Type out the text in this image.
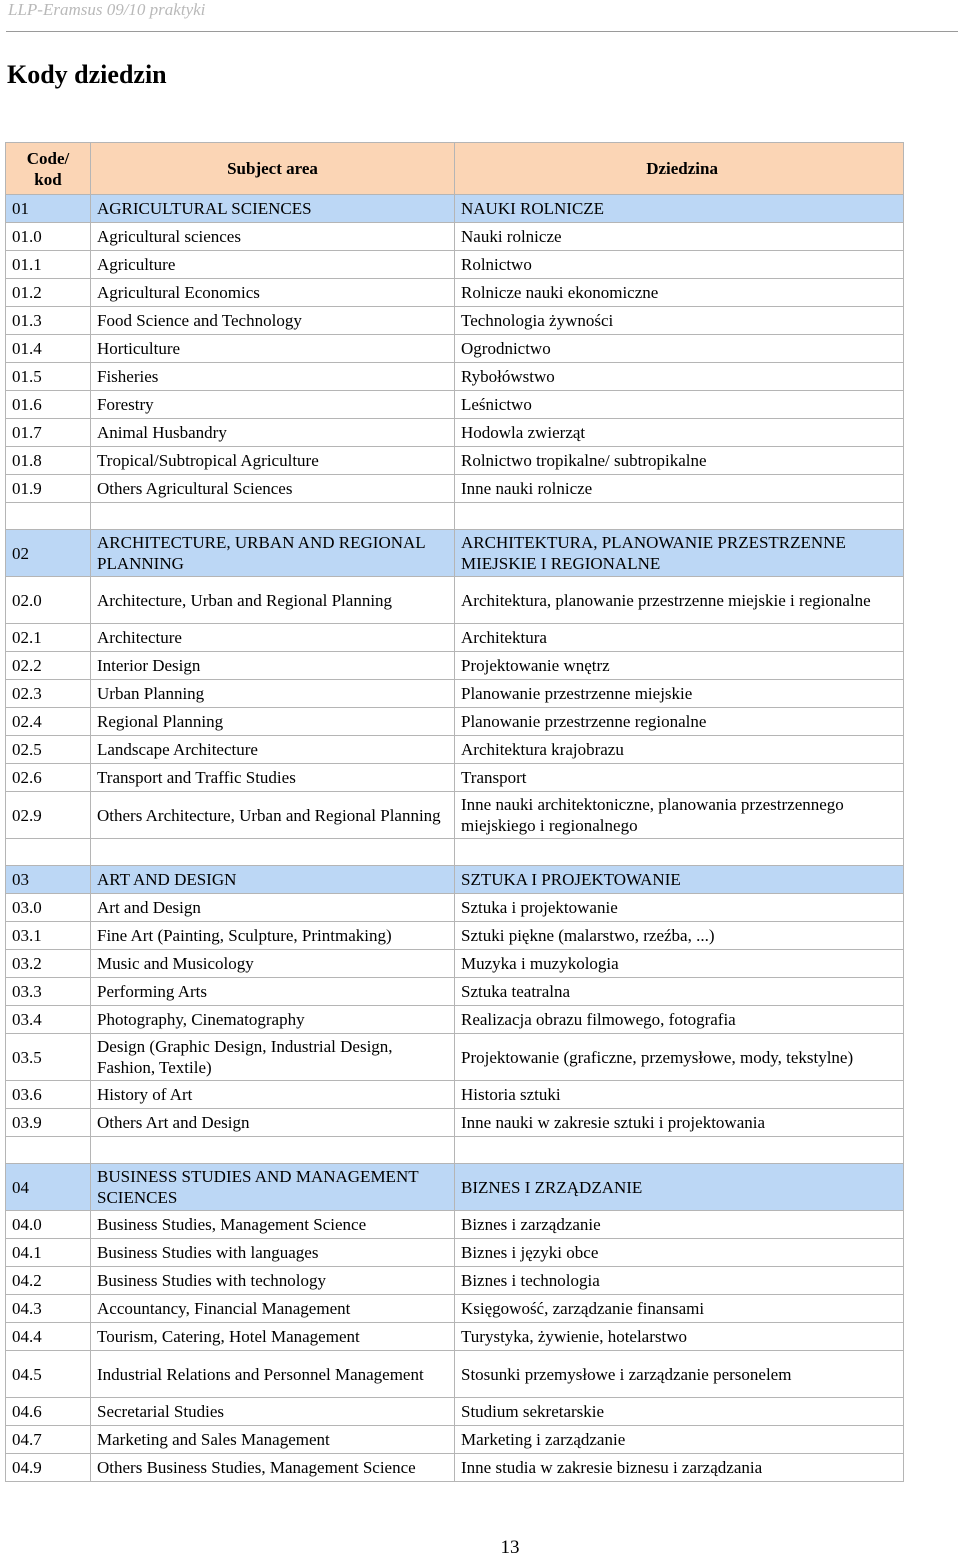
LLP-Eramsus 09/10 praktyki
Kody dziedzin
Code/
kod	Subject area	Dziedzina
01	AGRICULTURAL SCIENCES	NAUKI ROLNICZE
01.0	Agricultural sciences	Nauki rolnicze
01.1	Agriculture	Rolnictwo
01.2	Agricultural Economics	Rolnicze nauki ekonomiczne
01.3	Food Science and Technology	Technologia żywności
01.4	Horticulture	Ogrodnictwo
01.5	Fisheries	Rybołówstwo
01.6	Forestry	Leśnictwo
01.7	Animal Husbandry	Hodowla zwierząt
01.8	Tropical/Subtropical Agriculture	Rolnictwo tropikalne/ subtropikalne
01.9	Others Agricultural Sciences	Inne nauki rolnicze

02	ARCHITECTURE, URBAN AND REGIONAL PLANNING	ARCHITEKTURA, PLANOWANIE PRZESTRZENNE MIEJSKIE I REGIONALNE
02.0	Architecture, Urban and Regional Planning	Architektura, planowanie przestrzenne miejskie i regionalne
02.1	Architecture	Architektura
02.2	Interior Design	Projektowanie wnętrz
02.3	Urban Planning	Planowanie przestrzenne miejskie
02.4	Regional Planning	Planowanie przestrzenne regionalne
02.5	Landscape Architecture	Architektura krajobrazu
02.6	Transport and Traffic Studies	Transport
02.9	Others Architecture, Urban and Regional Planning	Inne nauki architektoniczne, planowania przestrzennego miejskiego i regionalnego

03	ART AND DESIGN	SZTUKA I PROJEKTOWANIE
03.0	Art and Design	Sztuka i projektowanie
03.1	Fine Art (Painting, Sculpture, Printmaking)	Sztuki piękne (malarstwo, rzeźba, ...)
03.2	Music and Musicology	Muzyka i muzykologia
03.3	Performing Arts	Sztuka teatralna
03.4	Photography, Cinematography	Realizacja obrazu filmowego, fotografia
03.5	Design (Graphic Design, Industrial Design, Fashion, Textile)	Projektowanie (graficzne, przemysłowe, mody, tekstylne)
03.6	History of Art	Historia sztuki
03.9	Others Art and Design	Inne nauki w zakresie sztuki i projektowania

04	BUSINESS STUDIES AND MANAGEMENT SCIENCES	BIZNES I ZRZĄDZANIE
04.0	Business Studies, Management Science	Biznes i zarządzanie
04.1	Business Studies with languages	Biznes i języki obce
04.2	Business Studies with technology	Biznes i technologia
04.3	Accountancy, Financial Management	Księgowość, zarządzanie finansami
04.4	Tourism, Catering, Hotel Management	Turystyka, żywienie, hotelarstwo
04.5	Industrial Relations and Personnel Management	Stosunki przemysłowe i zarządzanie personelem
04.6	Secretarial Studies	Studium sekretarskie
04.7	Marketing and Sales Management	Marketing i zarządzanie
04.9	Others Business Studies, Management Science	Inne studia w zakresie biznesu i zarządzania
13
